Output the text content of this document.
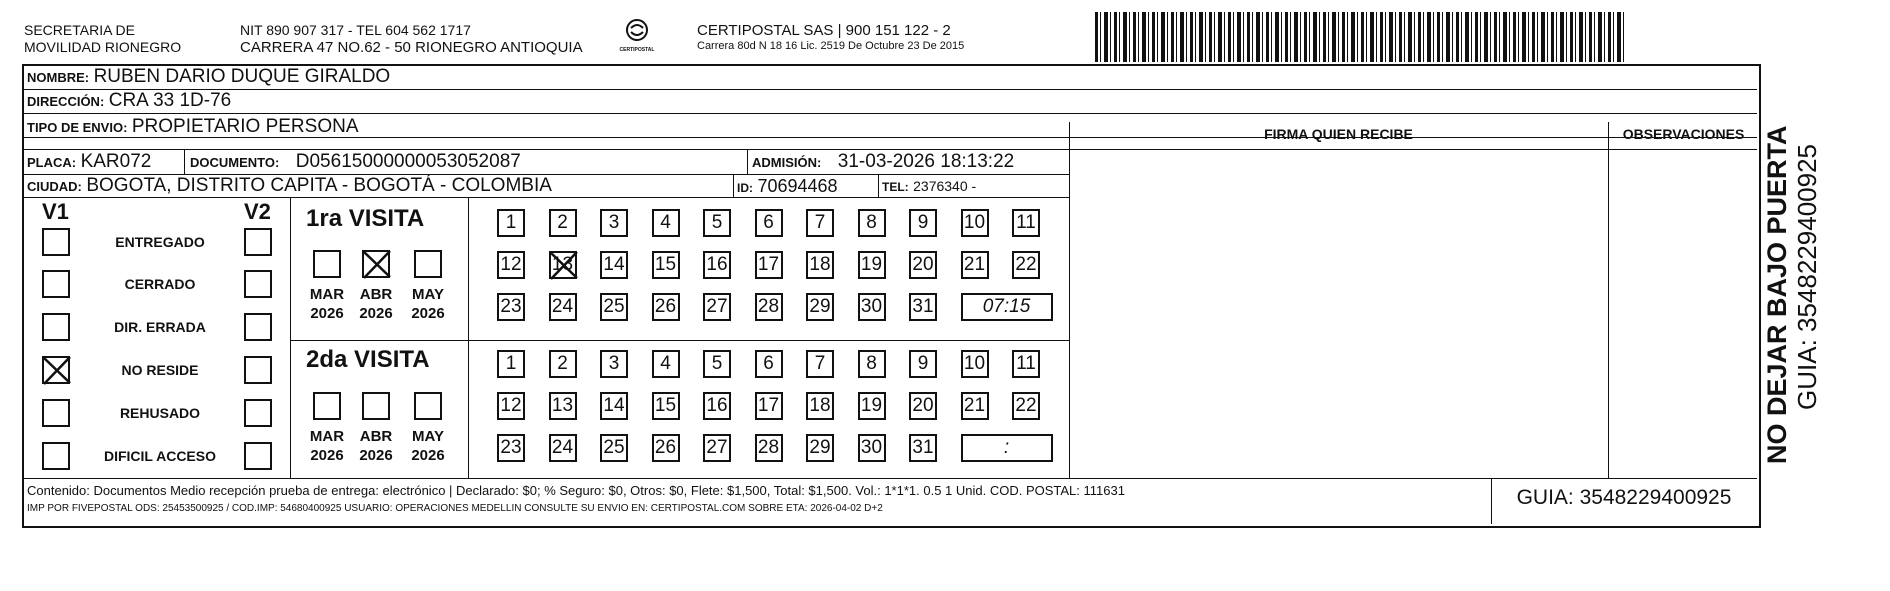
SECRETARIA DE
MOVILIDAD RIONEGRO
NIT 890 907 317 - TEL 604 562 1717
CARRERA 47 NO.62 - 50 RIONEGRO ANTIOQUIA	CERTIPOSTAL
CERTIPOSTAL SAS | 900 151 122 - 2
Carrera 80d N 18 16 Lic. 2519 De Octubre 23 De 2015
NOMBRE: RUBEN DARIO DUQUE GIRALDO
DIRECCIÓN: CRA 33 1D-76
TIPO DE ENVIO: PROPIETARIO PERSONA	FIRMA QUIEN RECIBE	OBSERVACIONES
PLACA: KAR072	DOCUMENTO: D05615000000053052087	ADMISIÓN: 31-03-2026 18:13:22
CIUDAD: BOGOTA, DISTRITO CAPITA - BOGOTÁ - COLOMBIA	ID: 70694468	TEL: 2376340 -
V1	V2
ENTREGADO
CERRADO
DIR. ERRADA
NO RESIDE
REHUSADO
DIFICIL ACCESO
1ra VISITA
2da VISITA
MAR
2026
ABR
2026
MAY
2026
MAR
2026
ABR
2026
MAY
2026
1	2	3	4	5	6	7	8	9	10 11
12 13 14 15 16 17 18 19 20 21 22
23 24 25 26 27 28 29 30 31	07:15
1	2	3	4	5	6	7	8	9	10 11
12 13 14 15 16 17 18 19 20 21 22
23 24 25 26 27 28 29 30 31	:
Contenido: Documentos Medio recepción prueba de entrega: electrónico | Declarado: $0; % Seguro: $0, Otros: $0, Flete: $1,500, Total: $1,500. Vol.: 1*1*1. 0.5 1 Unid. COD. POSTAL: 111631
IMP POR FIVEPOSTAL ODS: 25453500925 / COD.IMP: 54680400925 USUARIO: OPERACIONES MEDELLIN CONSULTE SU ENVIO EN: CERTIPOSTAL.COM SOBRE ETA: 2026-04-02 D+2	GUIA: 3548229400925
NO DEJAR BAJO PUERTA GUIA: 3548229400925
